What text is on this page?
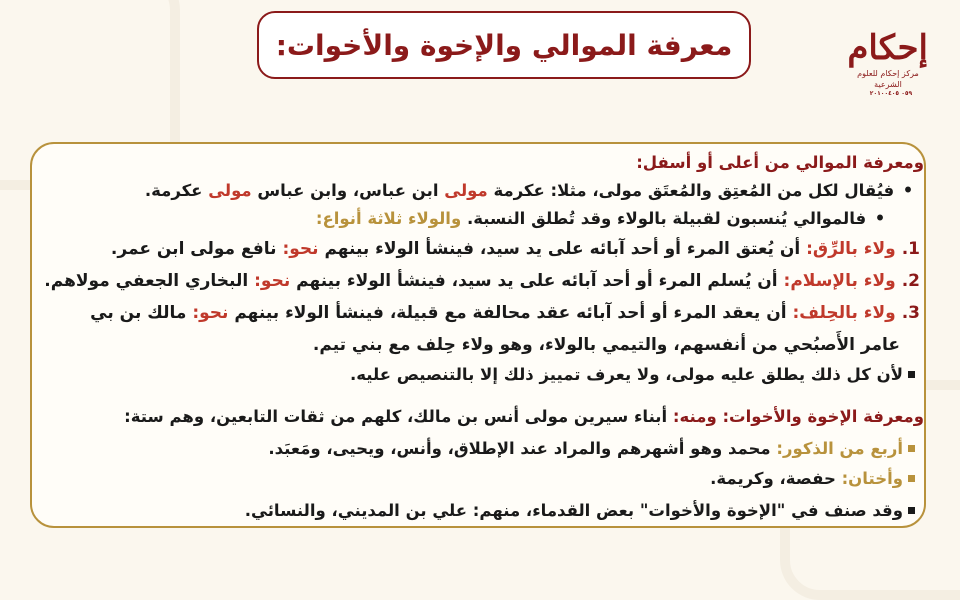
معرفة الموالي والإخوة والأخوات:	إحكام
مركز إحكام للعلوم الشرعية
٠٥٩ ٢٠١٠٠٤٠٥
ومعرفة الموالي من أعلى أو أسفل:
• فيُقال لكل من المُعتِق والمُعتَق مولى، مثلا: عكرمة مولى ابن عباس، وابن عباس مولى عكرمة.
• فالموالي يُنسبون لقبيلة بالولاء وقد تُطلق النسبة. والولاء ثلاثة أنواع:
1.ولاء بالرِّق: أن يُعتق المرء أو أحد آبائه على يد سيد، فينشأ الولاء بينهم نحو: نافع مولى ابن عمر.
2.ولاء بالإسلام: أن يُسلم المرء أو أحد آبائه على يد سيد، فينشأ الولاء بينهم نحو: البخاري الجعفي مولاهم.
3.ولاء بالحِلف: أن يعقد المرء أو أحد آبائه عقد محالفة مع قبيلة، فينشأ الولاء بينهم نحو: مالك بن بي
عامر الأَصبُحي من أنفسهم، والتيمي بالولاء، وهو ولاء حِلف مع بني تيم.
لأن كل ذلك يطلق عليه مولى، ولا يعرف تمييز ذلك إلا بالتنصيص عليه.
ومعرفة الإخوة والأخوات: ومنه: أبناء سيرين مولى أنس بن مالك، كلهم من ثقات التابعين، وهم ستة:
أربع من الذكور: محمد وهو أشهرهم والمراد عند الإطلاق، وأنس، ويحيى، ومَعبَد.
وأختان: حفصة، وكريمة.
وقد صنف في "الإخوة والأخوات" بعض القدماء، منهم: علي بن المديني، والنسائي.
